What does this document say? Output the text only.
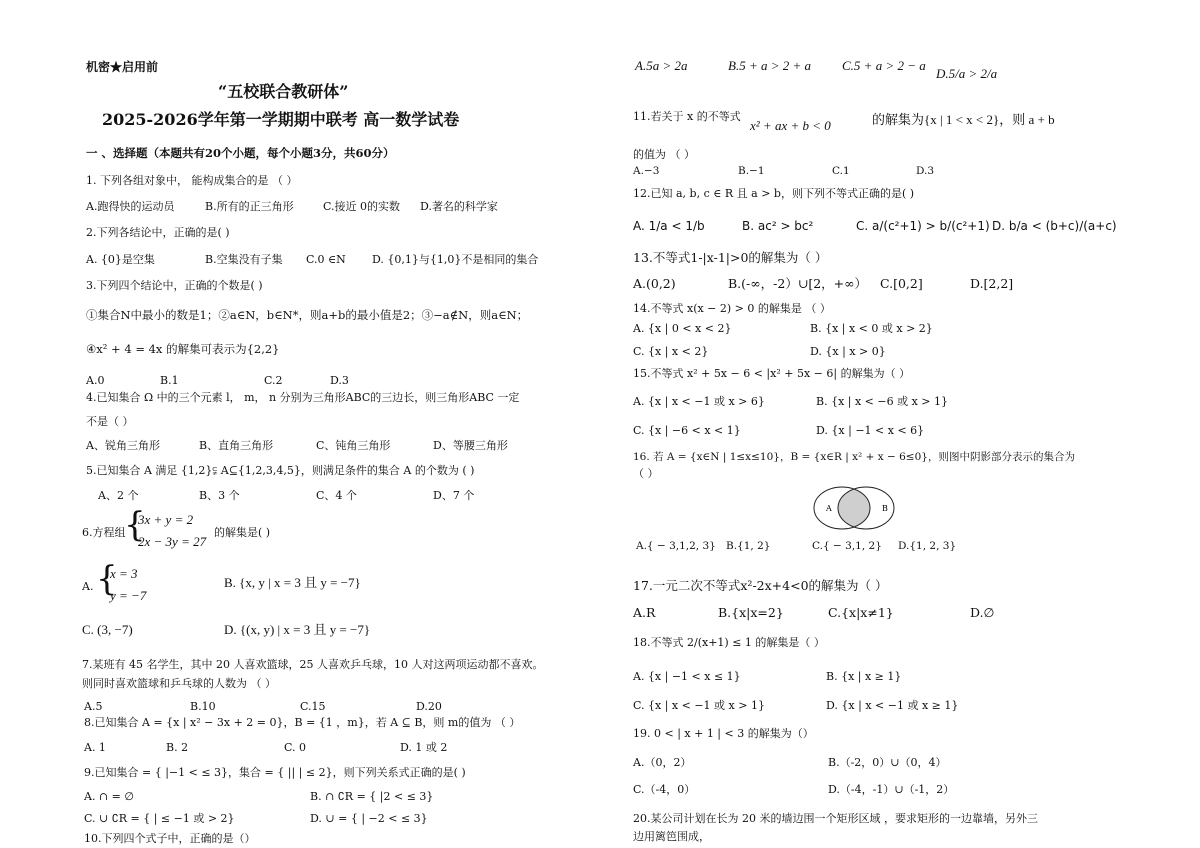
机密★启用前
“五校联合教研体”
2025-2026学年第一学期期中联考 高一数学试卷
一 、选择题（本题共有20个小题，每个小题3分，共60分）
1. 下列各组对象中， 能构成集合的是 （ ）
A.跑得快的运动员	B.所有的正三角形	C.接近 0的实数 D.著名的科学家
2.下列各结论中，正确的是( )
A. {0}是空集	B.空集没有子集 C.0 ∈N D. {0,1}与{1,0}不是相同的集合
3.下列四个结论中，正确的个数是( )
①集合N中最小的数是1；②a∈N，b∈N*，则a+b的最小值是2；③−a∉N，则a∈N；
④x² + 4 = 4x 的解集可表示为{2,2}
A.0	B.1	C.2	D.3
4.已知集合 Ω 中的三个元素 l， m， n 分别为三角形ABC的三边长，则三角形ABC 一定
不是（ ）
A、锐角三角形	B、直角三角形	C、钝角三角形	D、等腰三角形
5.已知集合 A 满足 {1,2}⫋ A⊆{1,2,3,4,5}，则满足条件的集合 A 的个数为 ( )
A、2 个	B、3 个	C、4 个	D、7 个
6.方程组
{
3x + y = 2
2x − 3y = 27
的解集是( )
A. {
x = 3
y = −7
B. {x, y | x = 3 且 y = −7}
C. (3, −7)	D. {(x, y) | x = 3 且 y = −7}
7.某班有 45 名学生，其中 20 人喜欢篮球，25 人喜欢乒乓球，10 人对这两项运动都不喜欢。
则同时喜欢篮球和乒乓球的人数为 （ ）
A.5	B.10	C.15	D.20
8.已知集合 A = {x | x² − 3x + 2 = 0}，B = {1 ，m}，若 A ⊆ B，则 m的值为 （ ）
A. 1	B. 2	C. 0	D. 1 或 2
9.已知集合 = { |−1 < ≤ 3}，集合 = { || | ≤ 2}，则下列关系式正确的是( )
A. ∩ = ∅	B. ∩ ∁R = { |2 < ≤ 3}
C. ∪ ∁R = { | ≤ −1 或 > 2}	D. ∪ = { | −2 < ≤ 3}
10.下列四个式子中，正确的是（）
A.5a > 2a	B.5 + a > 2 + a C.5 + a > 2 − a
D.5/a > 2/a
11.若关于 x 的不等式
x² + ax + b < 0	的解集为{x | 1 < x < 2}，则 a + b
的值为 （ ）
A.−3	B.−1	C.1	D.3
12.已知 a, b, c ∈ R 且 a > b，则下列不等式正确的是( )
A. 1/a < 1/b	B. ac² > bc²	C. a/(c²+1) > b/(c²+1) D. b/a < (b+c)/(a+c)
13.不等式1-|x-1|>0的解集为（ ）
A.(0,2)	B.(-∞，-2）∪[2，+∞） C.[0,2]	D.[2,2]
14.不等式 x(x − 2) > 0 的解集是 （ ）
A. {x | 0 < x < 2}	B. {x | x < 0 或 x > 2}
C. {x | x < 2}	D. {x | x > 0}
15.不等式 x² + 5x − 6 < |x² + 5x − 6| 的解集为（ ）
A. {x | x < −1 或 x > 6}	B. {x | x < −6 或 x > 1}
C. {x | −6 < x < 1}	D. {x | −1 < x < 6}
16. 若 A = {x∈N | 1≤x≤10}，B = {x∈R | x² + x − 6≤0}，则图中阴影部分表示的集合为
（ ）
A	B
A.{ − 3,1,2, 3} B.{1, 2}	C.{ − 3,1, 2} D.{1, 2, 3}
17.一元二次不等式x²-2x+4<0的解集为（ ）
A.R	B.{x|x=2}	C.{x|x≠1}	D.∅
18.不等式 2/(x+1) ≤ 1 的解集是（ ）
A. {x | −1 < x ≤ 1}	B. {x | x ≥ 1}
C. {x | x < −1 或 x > 1}	D. {x | x < −1 或 x ≥ 1}
19. 0 < | x + 1 | < 3 的解集为（）
A.（0，2）	B.（-2，0）∪（0，4）
C.（-4，0）	D.（-4，-1）∪（-1，2）
20.某公司计划在长为 20 米的墙边围一个矩形区域 ，要求矩形的一边靠墙，另外三
边用篱笆围成，
